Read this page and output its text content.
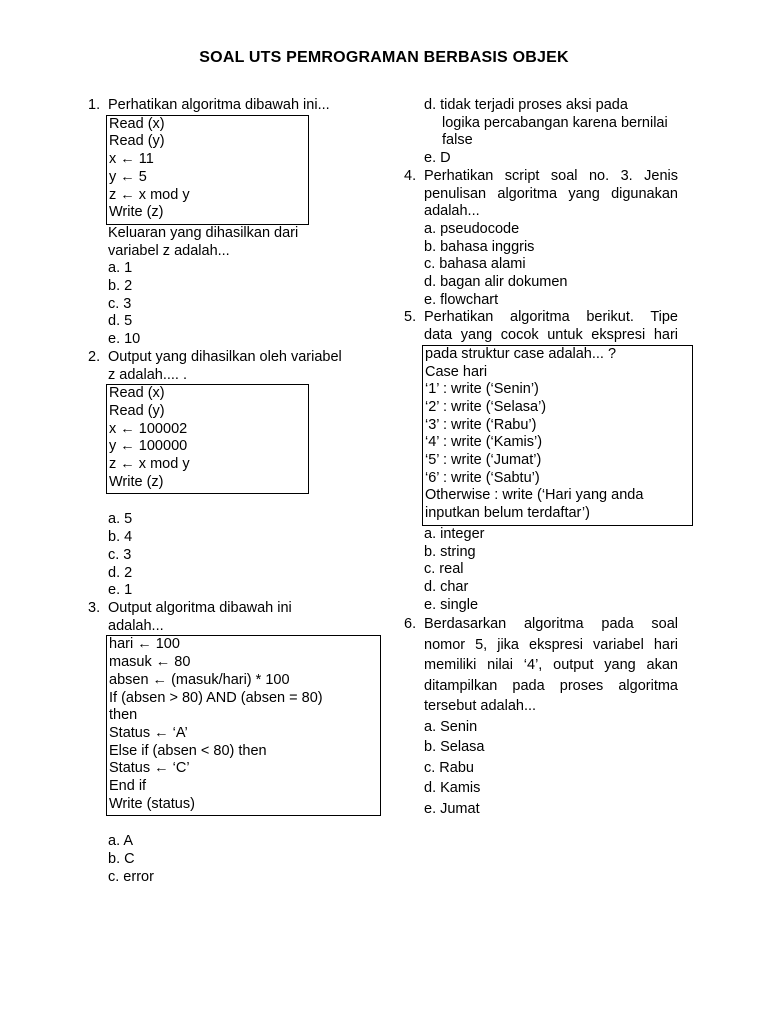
SOAL UTS PEMROGRAMAN BERBASIS OBJEK
1. Perhatikan algoritma dibawah ini...
Read (x)
Read (y)
x ← 11
y ← 5
z ← x mod y
Write (z)
Keluaran yang dihasilkan dari
variabel z adalah...
a. 1
b. 2
c. 3
d. 5
e. 10
2. Output yang dihasilkan oleh variabel
z adalah.... .
Read (x)
Read (y)
x ← 100002
y ← 100000
z ← x mod y
Write (z)
a. 5
b. 4
c. 3
d. 2
e. 1
3. Output algoritma dibawah ini
adalah...
hari ← 100
masuk ← 80
absen ← (masuk/hari) * 100
If (absen > 80) AND (absen = 80)
then
Status ← ‘A’
Else if (absen < 80) then
Status ← ‘C’
End if
Write (status)
a. A
b. C
c. error
d. tidak terjadi proses aksi pada
logika percabangan karena bernilai
false
e. D
4. Perhatikan script soal no. 3. Jenis
penulisan algoritma yang digunakan
adalah...
a. pseudocode
b. bahasa inggris
c. bahasa alami
d. bagan alir dokumen
e. flowchart
5. Perhatikan algoritma berikut. Tipe
data yang cocok untuk ekspresi hari
pada struktur case adalah... ?
Case hari
‘1’ : write (‘Senin’)
‘2’ : write (‘Selasa’)
‘3’ : write (‘Rabu’)
‘4’ : write (‘Kamis’)
‘5’ : write (‘Jumat’)
‘6’ : write (‘Sabtu’)
Otherwise : write (‘Hari yang anda
inputkan belum terdaftar’)
a. integer
b. string
c. real
d. char
e. single
6. Berdasarkan algoritma pada soal
nomor 5, jika ekspresi variabel hari
memiliki nilai ‘4’, output yang akan
ditampilkan pada proses algoritma
tersebut adalah...
a. Senin
b. Selasa
c. Rabu
d. Kamis
e. Jumat
